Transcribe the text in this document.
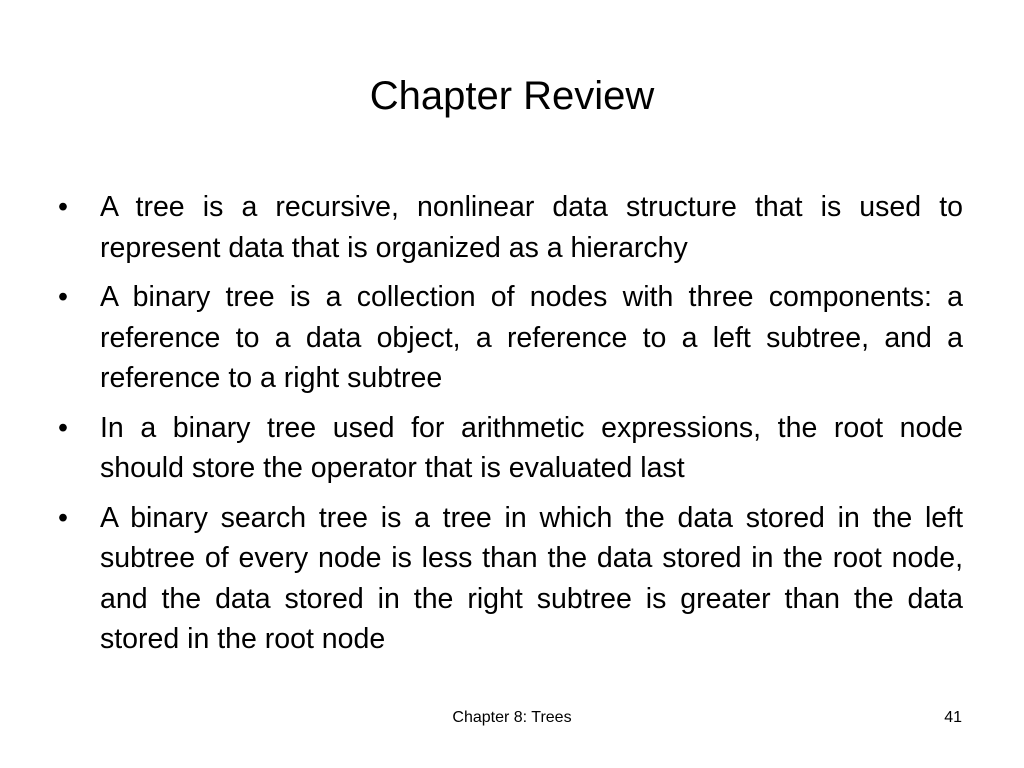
Chapter Review
•	A tree is a recursive, nonlinear data structure that is used to represent data that is organized as a hierarchy
•	A binary tree is a collection of nodes with three components: a reference to a data object, a reference to a left subtree, and a reference to a right subtree
•	In a binary tree used for arithmetic expressions, the root node should store the operator that is evaluated last
•	A binary search tree is a tree in which the data stored in the left subtree of every node is less than the data stored in the root node, and the data stored in the right subtree is greater than the data stored in the root node
Chapter 8: Trees	41
